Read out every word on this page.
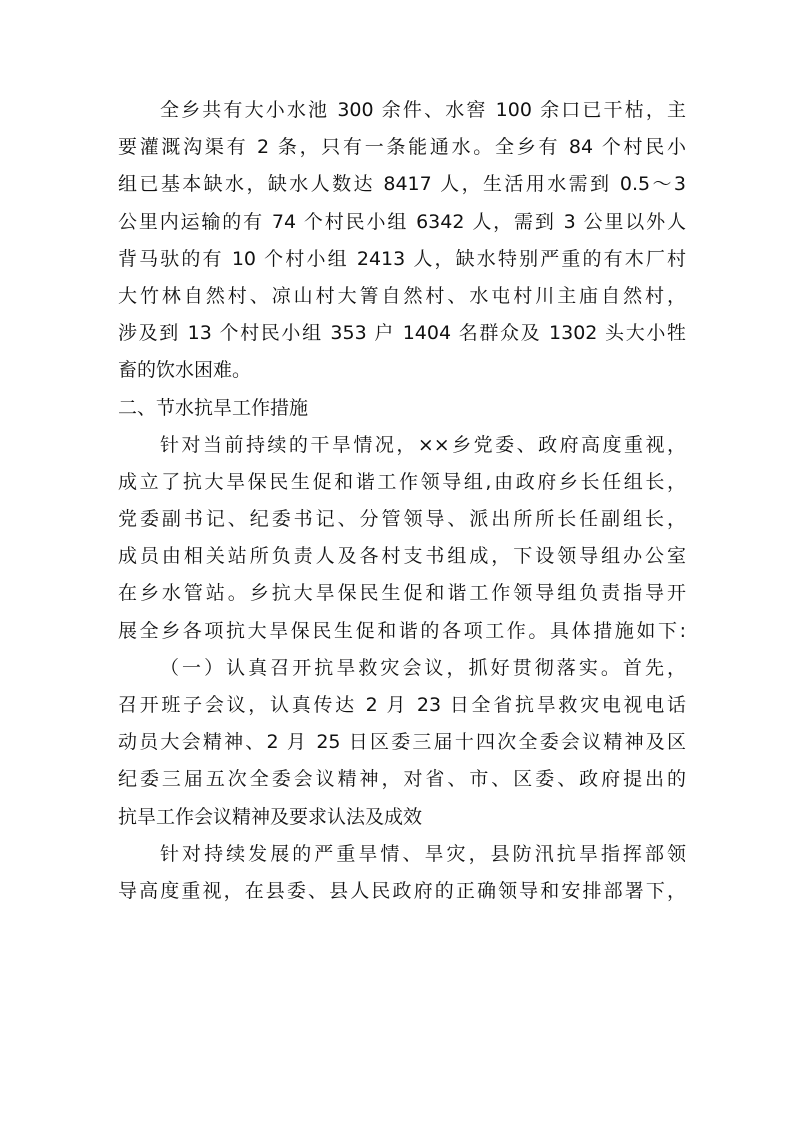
全乡共有大小水池 300 余件、水窖 100 余口已干枯，主
要灌溉沟渠有 2 条，只有一条能通水。全乡有 84 个村民小
组已基本缺水，缺水人数达 8417 人，生活用水需到 0.5～3
公里内运输的有 74 个村民小组 6342 人，需到 3 公里以外人
背马驮的有 10 个村小组 2413 人，缺水特别严重的有木厂村
大竹林自然村、凉山村大箐自然村、水屯村川主庙自然村，
涉及到 13 个村民小组 353 户 1404 名群众及 1302 头大小牲
畜的饮水困难。
二、节水抗旱工作措施
针对当前持续的干旱情况，××乡党委、政府高度重视，
成立了抗大旱保民生促和谐工作领导组,由政府乡长任组长，
党委副书记、纪委书记、分管领导、派出所所长任副组长，
成员由相关站所负责人及各村支书组成，下设领导组办公室
在乡水管站。乡抗大旱保民生促和谐工作领导组负责指导开
展全乡各项抗大旱保民生促和谐的各项工作。具体措施如下:
（一）认真召开抗旱救灾会议，抓好贯彻落实。首先，
召开班子会议，认真传达 2 月 23 日全省抗旱救灾电视电话
动员大会精神、2 月 25 日区委三届十四次全委会议精神及区
纪委三届五次全委会议精神，对省、市、区委、政府提出的
抗旱工作会议精神及要求认法及成效
针对持续发展的严重旱情、旱灾，县防汛抗旱指挥部领
导高度重视，在县委、县人民政府的正确领导和安排部署下，
